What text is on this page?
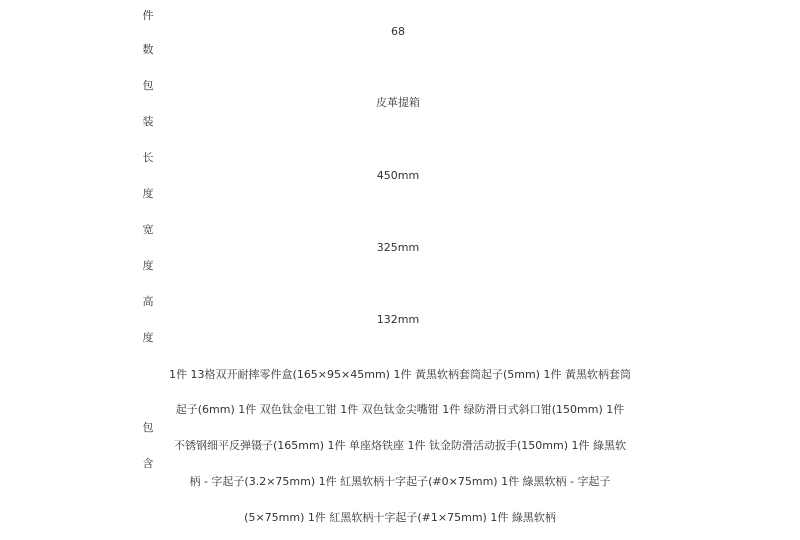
件
数
68
包
装
皮革提箱
长
度
450mm
宽
度
325mm
高
度
132mm
包
含
1件 13格双开耐摔零件盒(165×95×45mm) 1件 黃黑软柄套筒起子(5mm) 1件 黃黑软柄套筒
起子(6mm) 1件 双色钛金电工钳 1件 双色钛金尖嘴钳 1件 绿防滑日式斜口钳(150mm) 1件
不锈钢细平反弹镊子(165mm) 1件 单座烙铁座 1件 钛金防滑活动扳手(150mm) 1件 綠黑软
柄 - 字起子(3.2×75mm) 1件 紅黑软柄十字起子(#0×75mm) 1件 綠黑软柄 - 字起子
(5×75mm) 1件 紅黑软柄十字起子(#1×75mm) 1件 綠黑软柄
